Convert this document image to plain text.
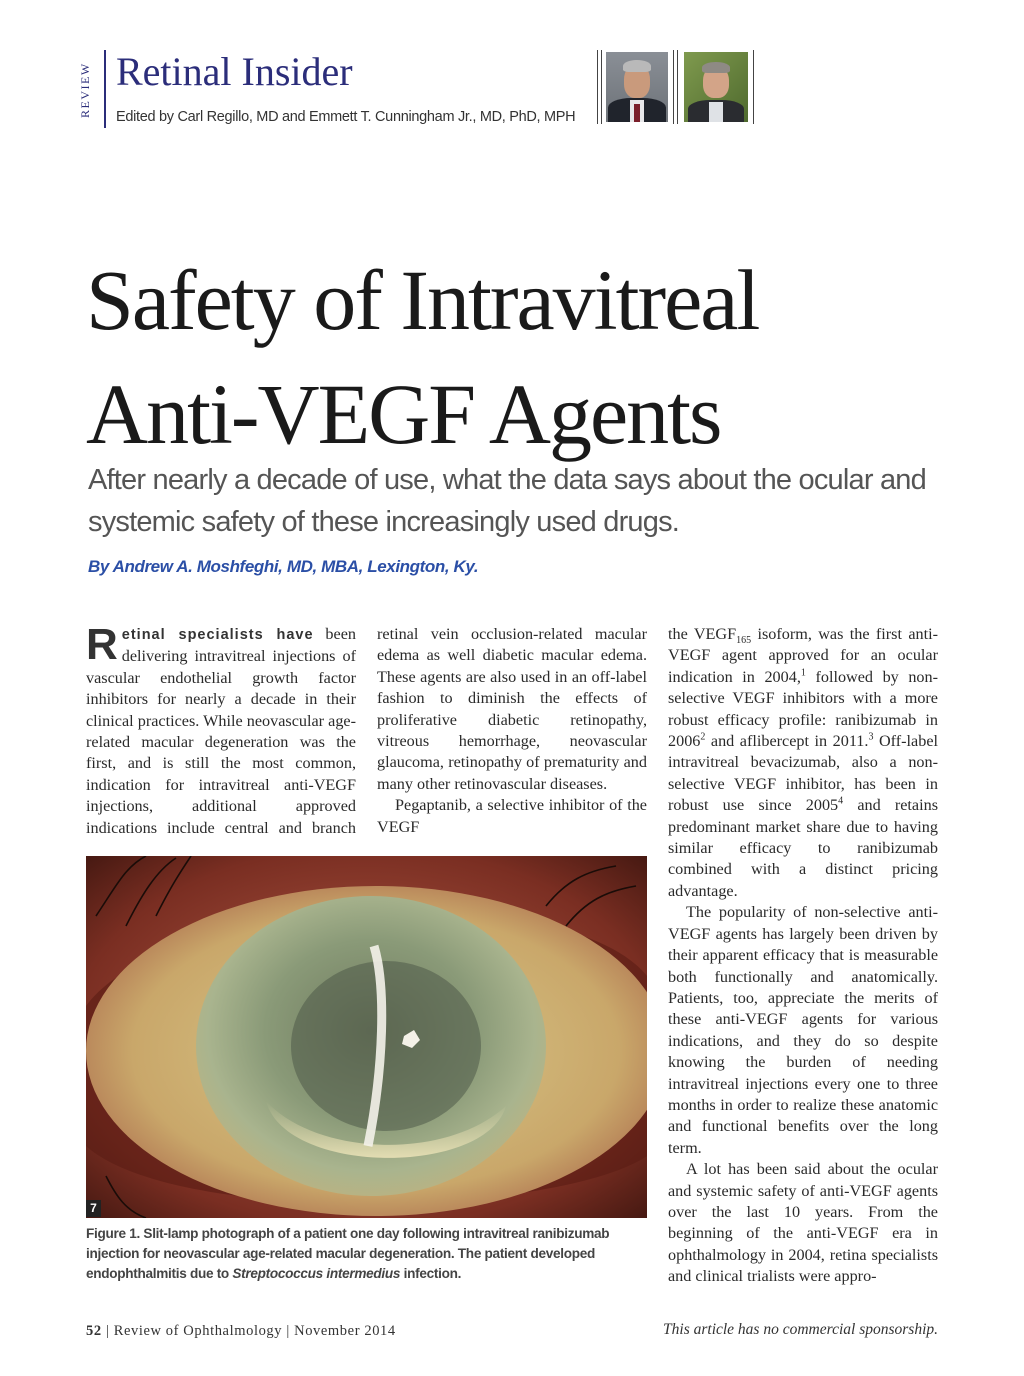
REVIEW Retinal Insider
Edited by Carl Regillo, MD and Emmett T. Cunningham Jr., MD, PhD, MPH
Safety of Intravitreal
Anti-VEGF Agents
After nearly a decade of use, what the data says about the ocular and systemic safety of these increasingly used drugs.
By Andrew A. Moshfeghi, MD, MBA, Lexington, Ky.

Retinal specialists have been delivering intravitreal injections of vascular endothelial growth factor inhibitors for nearly a decade in their clinical practices. While neovascular age-related macular degeneration was the first, and is still the most common, indication for intravitreal anti-VEGF injections, additional approved indications include central and branch retinal vein occlusion-related macular edema as well diabetic macular edema. These agents are also used in an off-label fashion to diminish the effects of proliferative diabetic retinopathy, vitreous hemorrhage, neovascular glaucoma, retinopathy of prematurity and many other retinovascular diseases.

Pegaptanib, a selective inhibitor of the VEGF

the $VEGF_{165}$ isoform, was the first anti-VEGF agent approved for an ocular indication in 2004,$^1$ followed by non-selective VEGF inhibitors with a more robust efficacy profile: ranibizumab in 2006$^2$ and aflibercept in 2011.$^3$ Off-label intravitreal bevacizumab, also a non-selective VEGF inhibitor, has been in robust use since 2005$^4$ and retains predominant market share due to having similar efficacy to ranibizumab combined with a distinct pricing advantage.

The popularity of non-selective anti-VEGF agents has largely been driven by their apparent efficacy that is measurable both functionally and anatomically. Patients, too, appreciate the merits of these anti-VEGF agents for various indications, and they do so despite knowing the burden of needing intravitreal injections every one to three months in order to realize these anatomic and functional benefits over the long term.

A lot has been said about the ocular and systemic safety of anti-VEGF agents over the last 10 years. From the beginning of the anti-VEGF era in ophthalmology in 2004, retina specialists and clinical trialists were appro-

7
Figure 1. Slit-lamp photograph of a patient one day following intravitreal ranibizumab injection for neovascular age-related macular degeneration. The patient developed endophthalmitis due to Streptococcus intermedius infection.
52 | Review of Ophthalmology | November 2014	This article has no commercial sponsorship.
